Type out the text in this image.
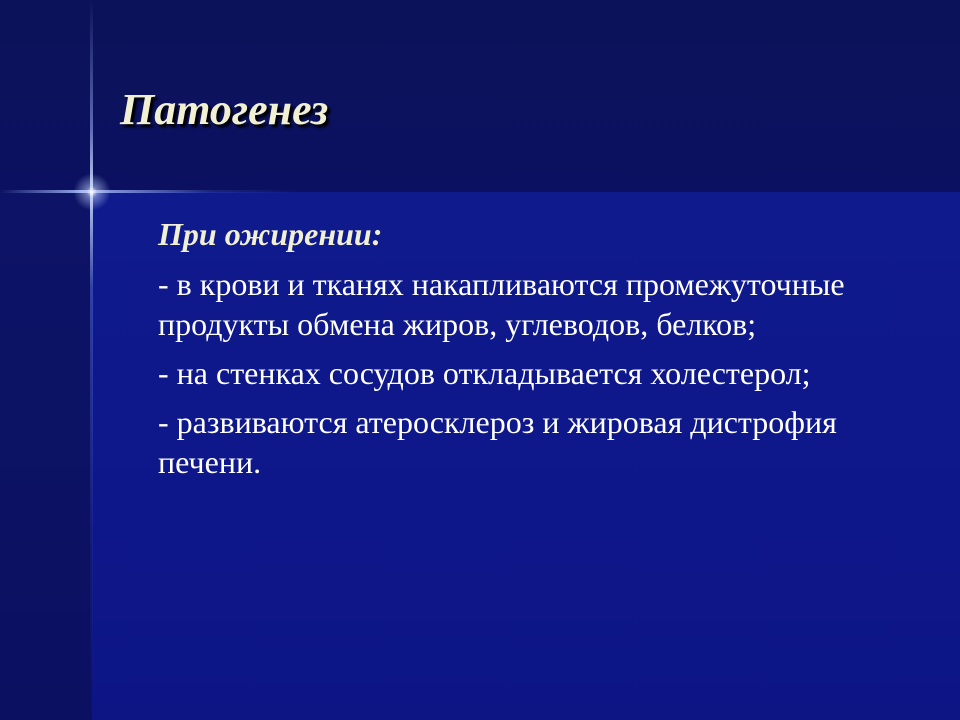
Патогенез

При ожирении:

- в крови и тканях накапливаются промежуточные продукты обмена жиров, углеводов, белков;

- на стенках сосудов откладывается холестерол;

- развиваются атеросклероз и жировая дистрофия печени.
